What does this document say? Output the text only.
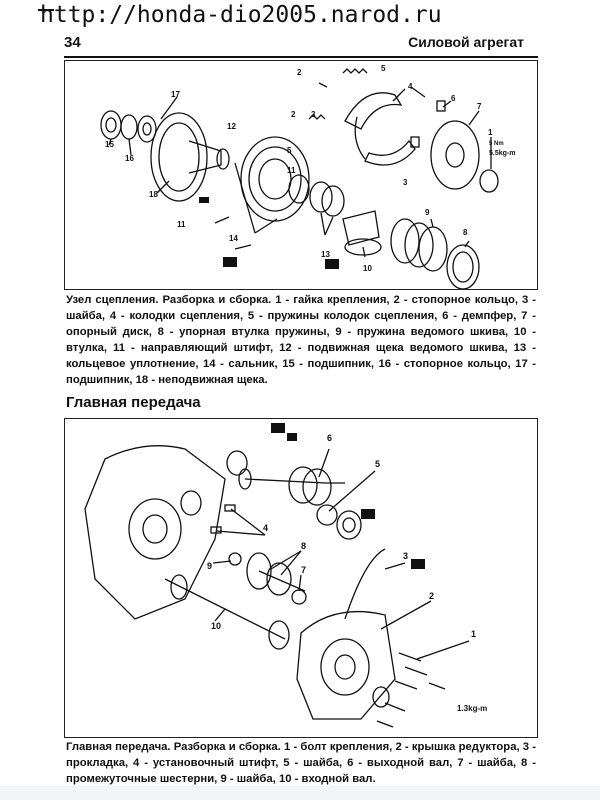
http://honda-dio2005.narod.ru
34	Силовой агрегат
2	5
4
17	6
7
1
12
2 3
5
11
15
16
18
11
3
9
8
14
13
10
5 Nm
5.5kg-m
Узел сцепления. Разборка и сборка. 1 - гайка крепления, 2 - стопорное кольцо, 3 - шайба, 4 - колодки сцепления, 5 - пружины колодок сцепления, 6 - демпфер, 7 - опорный диск, 8 - упорная втулка пружины, 9 - пружина ведомого шкива, 10 - втулка, 11 - направляющий штифт, 12 - подвижная щека ведомого шкива, 13 - кольцевое уплотнение, 14 - сальник, 15 - подшипник, 16 - стопорное кольцо, 17 - подшипник, 18 - неподвижная щека.
Главная передача
6
5
4
8
7
3
9
2
10
1
1.3kg-m
Главная передача. Разборка и сборка. 1 - болт крепления, 2 - крышка редуктора, 3 - прокладка, 4 - установочный штифт, 5 - шайба, 6 - выходной вал, 7 - шайба, 8 - промежуточные шестерни, 9 - шайба, 10 - входной вал.
